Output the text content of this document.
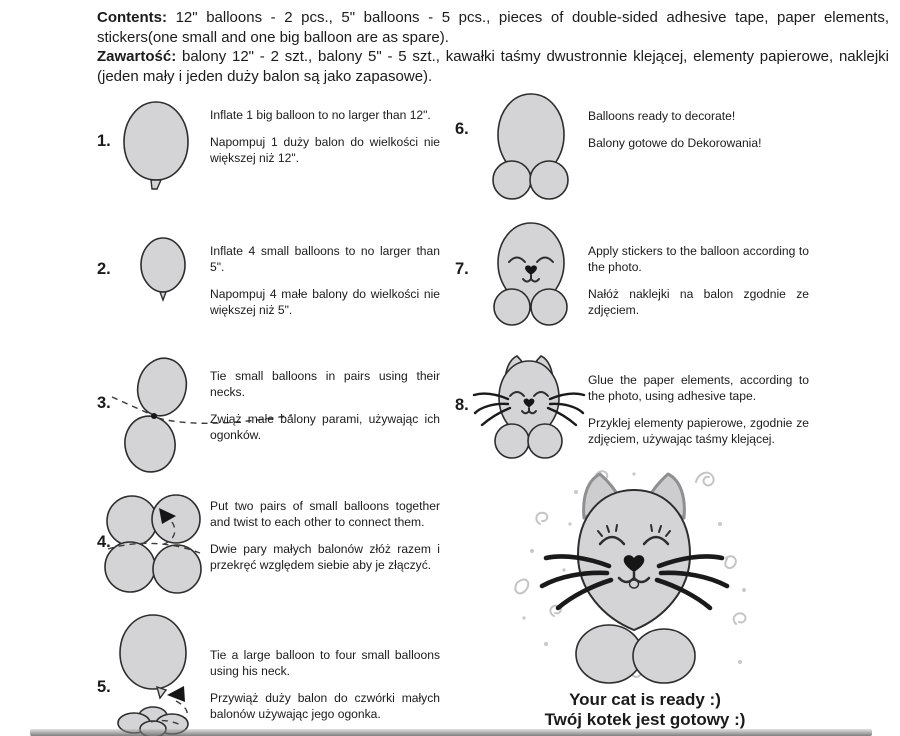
Contents: 12" balloons - 2 pcs., 5" balloons - 5 pcs., pieces of double-sided adhesive tape, paper elements, stickers(one small and one big balloon are as spare).

Zawartość: balony 12" - 2 szt., balony 5" - 5 szt., kawałki taśmy dwustronnie klejącej, elementy papierowe, naklejki (jeden mały i jeden duży balon są jako zapasowe).

1.

Inflate 1 big balloon to no larger than 12".

Napompuj 1 duży balon do wielkości nie większej niż 12".

2.

Inflate 4 small balloons to no larger than 5".

Napompuj 4 małe balony do wielkości nie większej niż 5".

3.

Tie small balloons in pairs using their necks.

Zwiąż małe balony parami, używając ich ogonków.

4.

Put two pairs of small balloons together and twist to each other to connect them.

Dwie pary małych balonów złóż razem i przekręć względem siebie aby je złączyć.

5.

Tie a large balloon to four small balloons using his neck.

Przywiąż duży balon do czwórki małych balonów używając jego ogonka.

6.

Balloons ready to decorate!

Balony gotowe do Dekorowania!

7.

Apply stickers to the balloon according to the photo.

Nałóż naklejki na balon zgodnie ze zdjęciem.

8.

Glue the paper elements, according to the photo, using adhesive tape.

Przyklej elementy papierowe, zgodnie ze zdjęciem, używając taśmy klejącej.

Your cat is ready :)

Twój kotek jest gotowy :)
